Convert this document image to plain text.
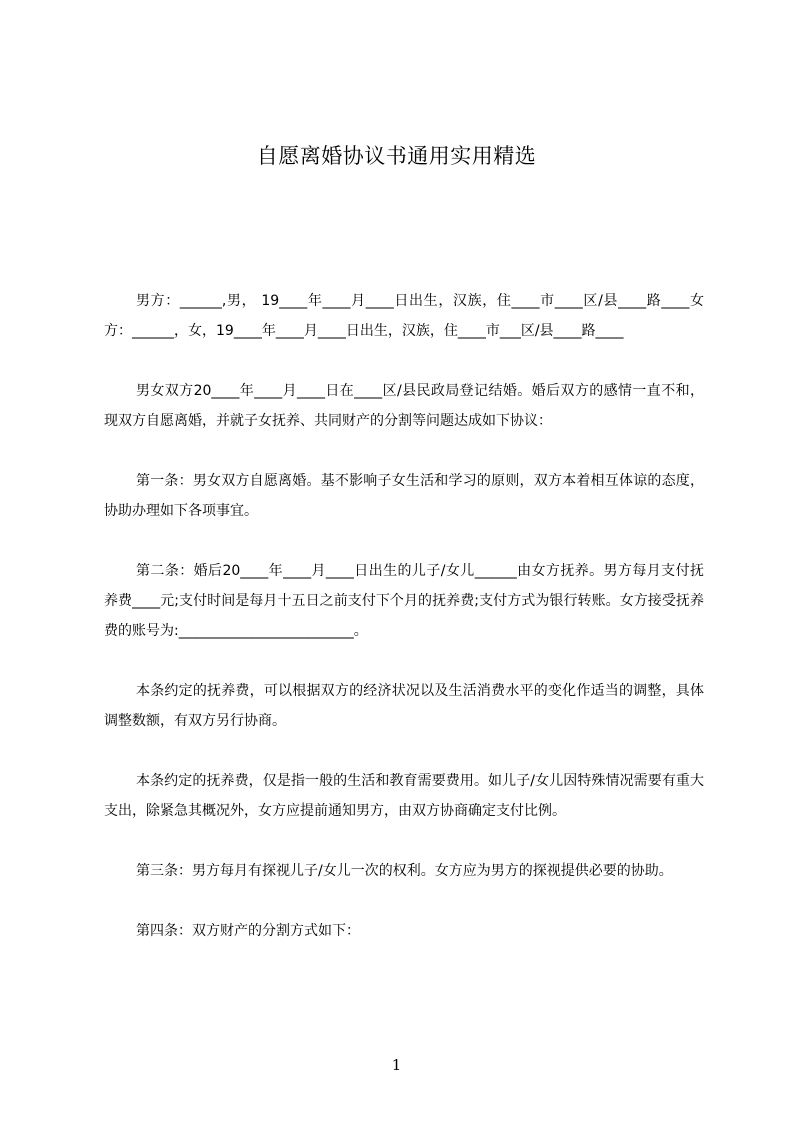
自愿离婚协议书通用实用精选

男方：______,男， 19____年____月____日出生，汉族，住____市____区/县____路____女方：______，女，19____年____月____日出生，汉族，住____市___区/县____路____

男女双方20____年____月____日在____区/县民政局登记结婚。婚后双方的感情一直不和，现双方自愿离婚，并就子女抚养、共同财产的分割等问题达成如下协议：

第一条：男女双方自愿离婚。基不影响子女生活和学习的原则，双方本着相互体谅的态度，协助办理如下各项事宜。

第二条：婚后20____年____月____日出生的儿子/女儿______由女方抚养。男方每月支付抚养费____元;支付时间是每月十五日之前支付下个月的抚养费;支付方式为银行转账。女方接受抚养费的账号为:_________________________。

本条约定的抚养费，可以根据双方的经济状况以及生活消费水平的变化作适当的调整，具体调整数额，有双方另行协商。

本条约定的抚养费，仅是指一般的生活和教育需要费用。如儿子/女儿因特殊情况需要有重大支出，除紧急其概况外，女方应提前通知男方，由双方协商确定支付比例。

第三条：男方每月有探视儿子/女儿一次的权利。女方应为男方的探视提供必要的协助。

第四条：双方财产的分割方式如下：

1
